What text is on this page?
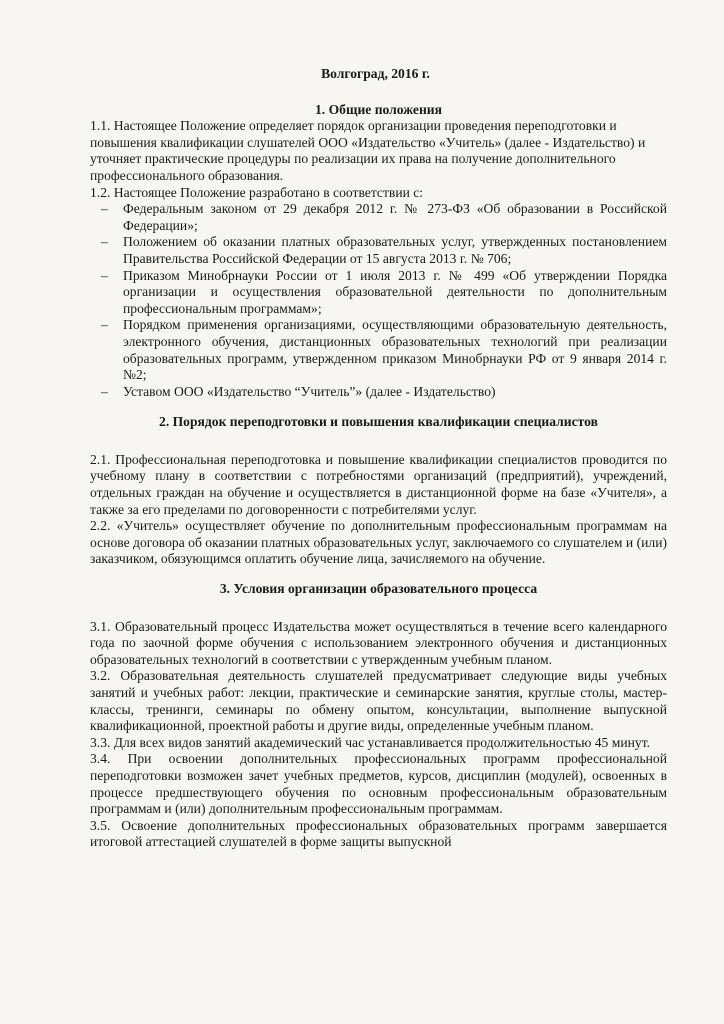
Волгоград, 2016 г.
1. Общие положения

1.1. Настоящее Положение определяет порядок организации проведения переподготовки и повышения квалификации слушателей ООО «Издательство «Учитель» (далее - Издательство) и уточняет практические процедуры по реализации их права на получение дополнительного профессионального образования.

1.2. Настоящее Положение разработано в соответствии с:

– Федеральным законом от 29 декабря 2012 г. № 273-ФЗ «Об образовании в Российской Федерации»;
– Положением об оказании платных образовательных услуг, утвержденных постановлением Правительства Российской Федерации от 15 августа 2013 г. № 706;
– Приказом Минобрнауки России от 1 июля 2013 г. № 499 «Об утверждении Порядка организации и осуществления образовательной деятельности по дополнительным профессиональным программам»;
– Порядком применения организациями, осуществляющими образовательную деятельность, электронного обучения, дистанционных образовательных технологий при реализации образовательных программ, утвержденном приказом Минобрнауки РФ от 9 января 2014 г. №2;
– Уставом ООО «Издательство “Учитель”» (далее - Издательство)
2. Порядок переподготовки и повышения квалификации специалистов

2.1. Профессиональная переподготовка и повышение квалификации специалистов проводится по учебному плану в соответствии с потребностями организаций (предприятий), учреждений, отдельных граждан на обучение и осуществляется в дистанционной форме на базе «Учителя», а также за его пределами по договоренности с потребителями услуг.

2.2. «Учитель» осуществляет обучение по дополнительным профессиональным программам на основе договора об оказании платных образовательных услуг, заключаемого со слушателем и (или) заказчиком, обязующимся оплатить обучение лица, зачисляемого на обучение.

3. Условия организации образовательного процесса

3.1. Образовательный процесс Издательства может осуществляться в течение всего календарного года по заочной форме обучения с использованием электронного обучения и дистанционных образовательных технологий в соответствии с утвержденным учебным планом.

3.2. Образовательная деятельность слушателей предусматривает следующие виды учебных занятий и учебных работ: лекции, практические и семинарские занятия, круглые столы, мастер-классы, тренинги, семинары по обмену опытом, консультации, выполнение выпускной квалификационной, проектной работы и другие виды, определенные учебным планом.

3.3. Для всех видов занятий академический час устанавливается продолжительностью 45 минут.

3.4. При освоении дополнительных профессиональных программ профессиональной переподготовки возможен зачет учебных предметов, курсов, дисциплин (модулей), освоенных в процессе предшествующего обучения по основным профессиональным образовательным программам и (или) дополнительным профессиональным программам.

3.5. Освоение дополнительных профессиональных образовательных программ завершается итоговой аттестацией слушателей в форме защиты выпускной
